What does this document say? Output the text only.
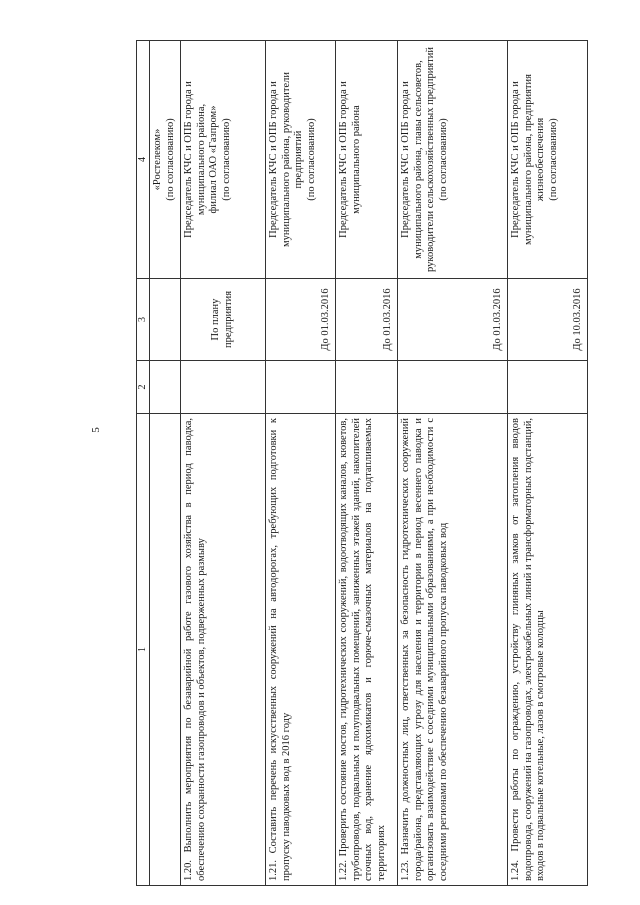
5
1	2	3	4

			«Ростелеком» (по согласованию)

1.20. Выполнить мероприятия по безаварийной работе газового хозяйства в период паводка, обеспечению сохранности газопроводов и объектов, подверженных размыву		По плану предприятия	Председатель КЧС и ОПБ города и муниципального района, филиал ОАО «Газпром» (по согласованию)

1.21. Составить перечень искусственных сооружений на автодорогах, требующих подготовки к пропуску паводковых вод в 2016 году		До 01.03.2016	Председатель КЧС и ОПБ города и муниципального района, руководители предприятий (по согласованию)

1.22. Проверить состояние мостов, гидротехнических сооружений, водоотводящих каналов, кюветов, трубопроводов, подвальных и полуподвальных помещений, заниженных этажей зданий, накопителей сточных вод, хранение ядохимикатов и горюче-смазочных материалов на подтапливаемых территориях		До 01.03.2016	Председатель КЧС и ОПБ города и муниципального района

1.23. Назначить должностных лиц, ответственных за безопасность гидротехнических сооружений города/района, представляющих угрозу для населения и территории в период весеннего паводка и организовать взаимодействие с соседними муниципальными образованиями, а при необходимости с соседними регионами по обеспечению безаварийного пропуска паводковых вод		До 01.03.2016	Председатель КЧС и ОПБ города и муниципального района, главы сельсоветов, руководители сельскохозяйственных предприятий (по согласованию)

1.24. Провести работы по ограждению, устройству глиняных замков от затопления вводов водопровода, сооружений на газопроводах, электрокабельных линий и трансформаторных подстанций, входов в подвальные котельные, лазов в смотровые колодцы		До 10.03.2016	Председатель КЧС и ОПБ города и муниципального района, предприятия жизнеобеспечения (по согласованию)
